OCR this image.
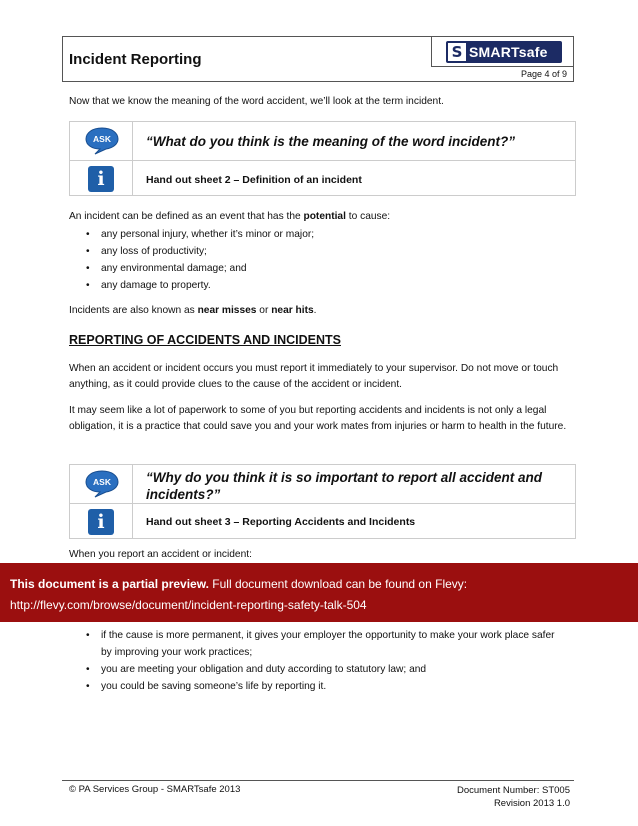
Incident Reporting	S SMARTsafe
Page 4 of 9
Now that we know the meaning of the word accident, we’ll look at the term incident.
ASK	“What do you think is the meaning of the word incident?”
i	Hand out sheet 2 – Definition of an incident
An incident can be defined as an event that has the potential to cause:
• any personal injury, whether it’s minor or major;
• any loss of productivity;
• any environmental damage; and
• any damage to property.
Incidents are also known as near misses or near hits.
REPORTING OF ACCIDENTS AND INCIDENTS
When an accident or incident occurs you must report it immediately to your supervisor. Do not move or touch anything, as it could provide clues to the cause of the accident or incident.
It may seem like a lot of paperwork to some of you but reporting accidents and incidents is not only a legal obligation, it is a practice that could save you and your work mates from injuries or harm to health in the future.
ASK	“Why do you think it is so important to report all accident and incidents?”
i	Hand out sheet 3 – Reporting Accidents and Incidents
When you report an accident or incident:
• if the cause is more permanent, it gives your employer the opportunity to make your work place safer by improving your work practices;
• you are meeting your obligation and duty according to statutory law; and
• you could be saving someone’s life by reporting it.
This document is a partial preview. Full document download can be found on Flevy:
http://flevy.com/browse/document/incident-reporting-safety-talk-504
© PA Services Group - SMARTsafe 2013	Document Number: ST005
Revision 2013 1.0
